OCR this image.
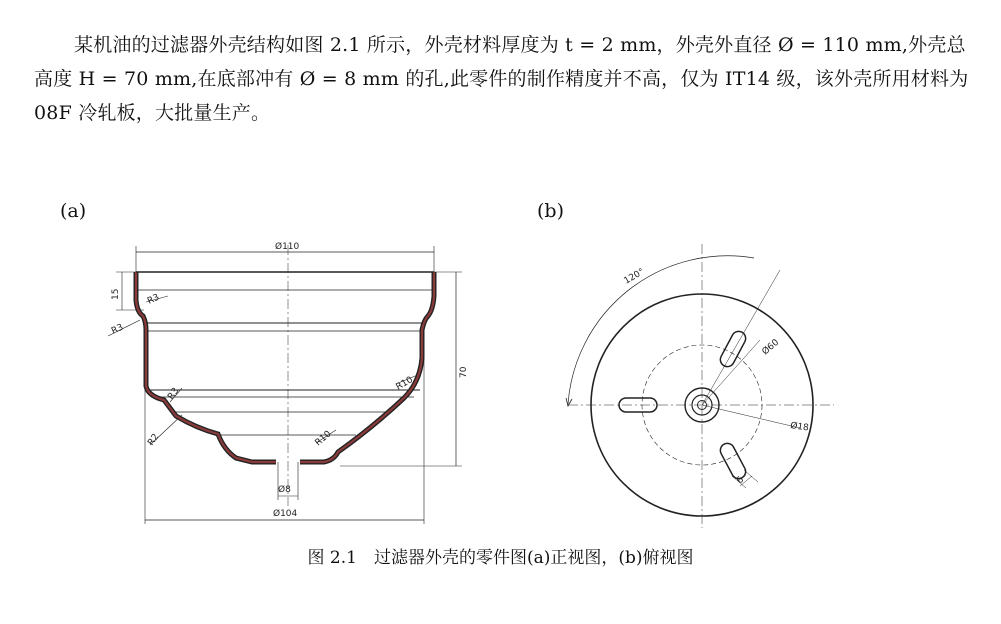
某机油的过滤器外壳结构如图 2.1 所示，外壳材料厚度为 t = 2 mm，外壳外直径 Ø = 110 mm,外壳总高度 H = 70 mm,在底部冲有 Ø = 8 mm 的孔,此零件的制作精度并不高，仅为 IT14 级，该外壳所用材料为 08F 冷轧板，大批量生产。

(a)	(b)
Ø110
Ø104
Ø8
70
15	R3
R3
R10
R3
R2	R10
120°
Ø60
Ø18
6
图 2.1　过滤器外壳的零件图(a)正视图，(b)俯视图
